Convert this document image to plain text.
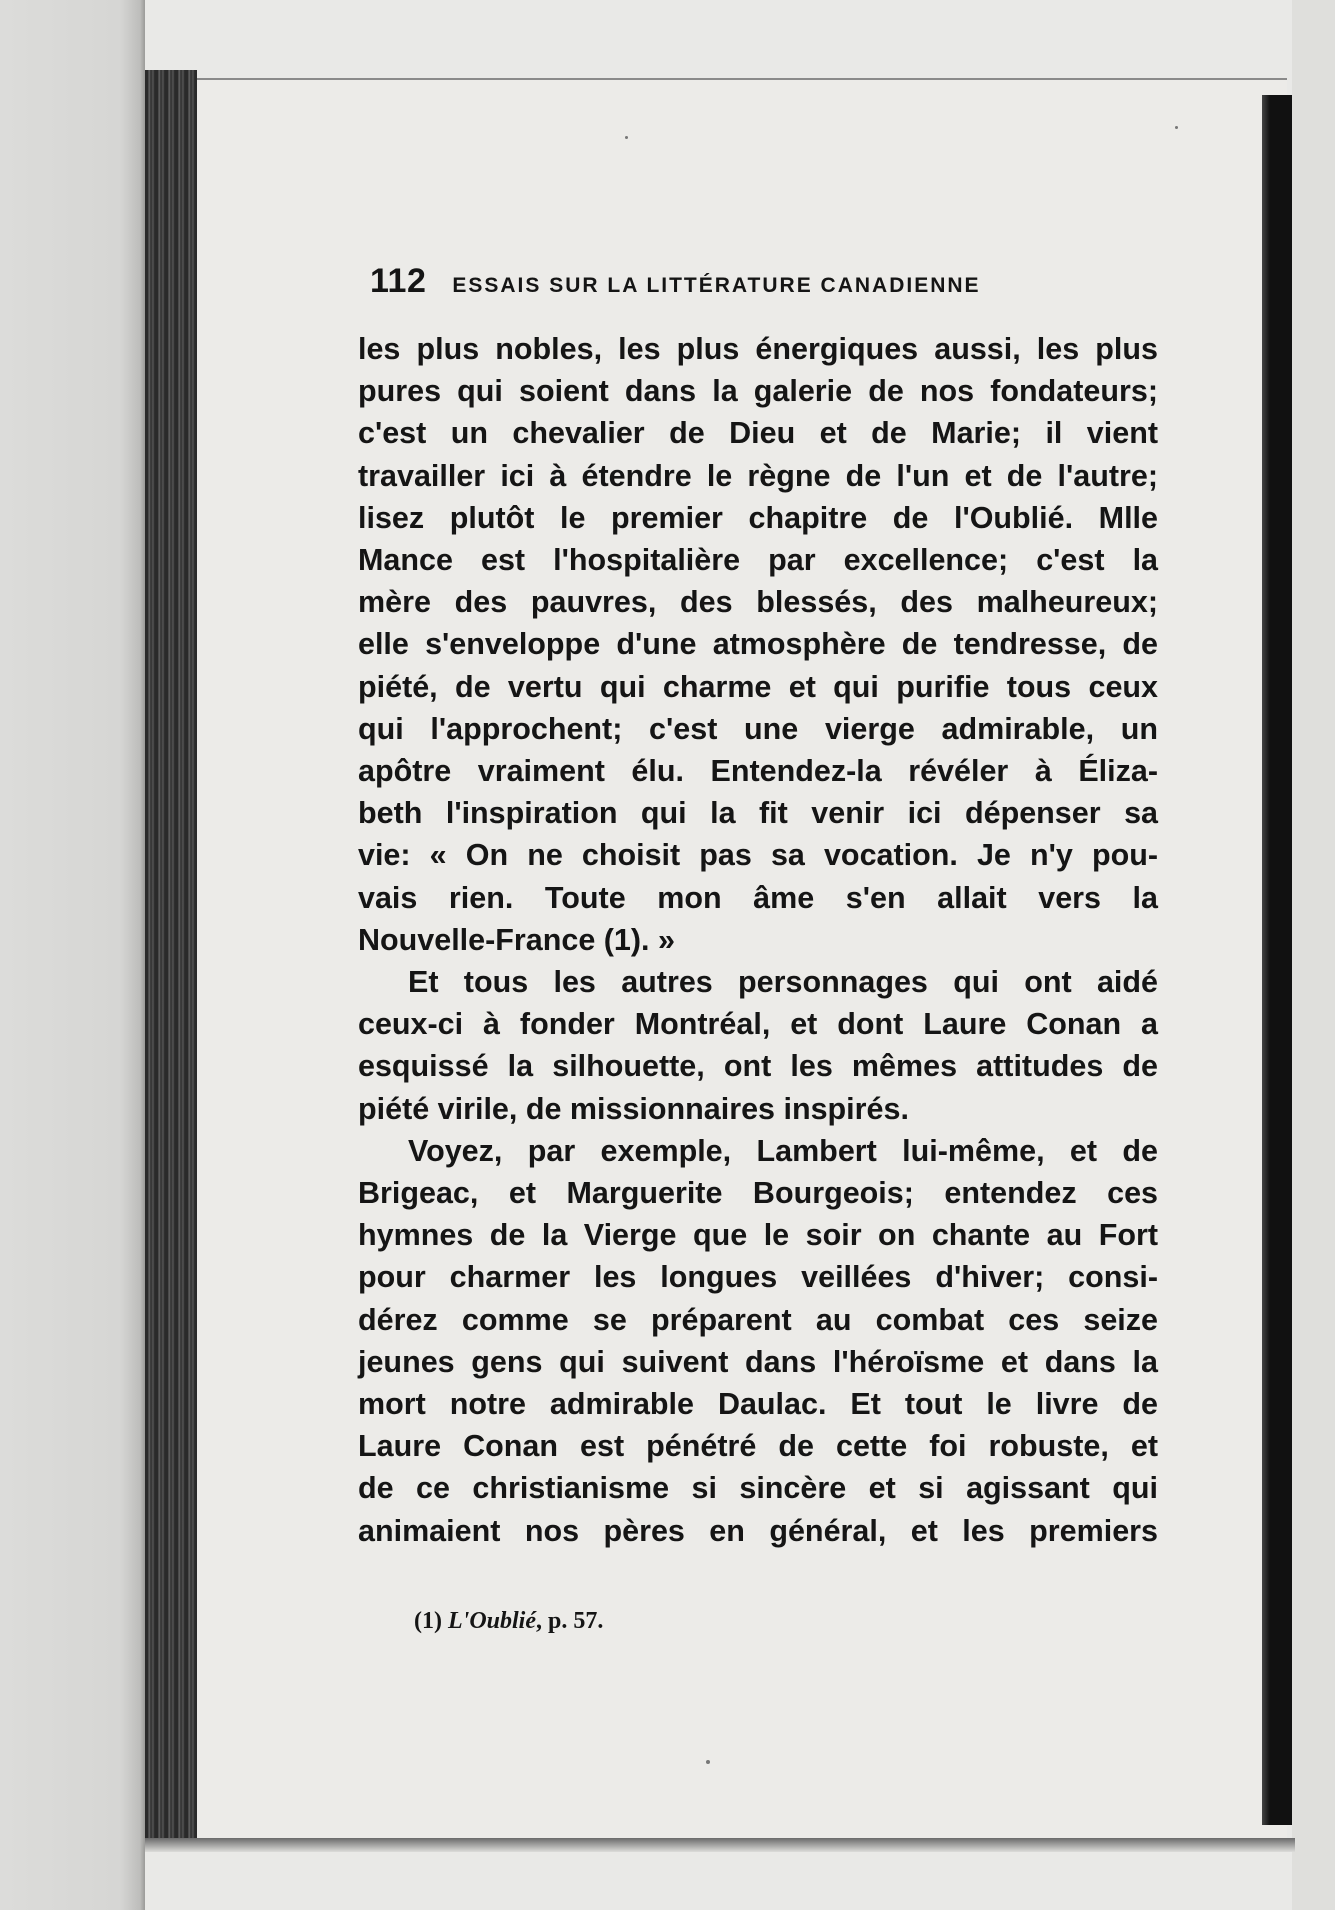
112 ESSAIS SUR LA LITTÉRATURE CANADIENNE
les plus nobles, les plus énergiques aussi, les plus
pures qui soient dans la galerie de nos fondateurs;
c'est un chevalier de Dieu et de Marie; il vient
travailler ici à étendre le règne de l'un et de l'autre;
lisez plutôt le premier chapitre de l'Oublié. Mlle
Mance est l'hospitalière par excellence; c'est la
mère des pauvres, des blessés, des malheureux;
elle s'enveloppe d'une atmosphère de tendresse, de
piété, de vertu qui charme et qui purifie tous ceux
qui l'approchent; c'est une vierge admirable, un
apôtre vraiment élu. Entendez-la révéler à Éliza-
beth l'inspiration qui la fit venir ici dépenser sa
vie: « On ne choisit pas sa vocation. Je n'y pou-
vais rien. Toute mon âme s'en allait vers la
Nouvelle-France (1). »
Et tous les autres personnages qui ont aidé
ceux-ci à fonder Montréal, et dont Laure Conan a
esquissé la silhouette, ont les mêmes attitudes de
piété virile, de missionnaires inspirés.
Voyez, par exemple, Lambert lui-même, et de
Brigeac, et Marguerite Bourgeois; entendez ces
hymnes de la Vierge que le soir on chante au Fort
pour charmer les longues veillées d'hiver; consi-
dérez comme se préparent au combat ces seize
jeunes gens qui suivent dans l'héroïsme et dans la
mort notre admirable Daulac. Et tout le livre de
Laure Conan est pénétré de cette foi robuste, et
de ce christianisme si sincère et si agissant qui
animaient nos pères en général, et les premiers
(1) L'Oublié, p. 57.
